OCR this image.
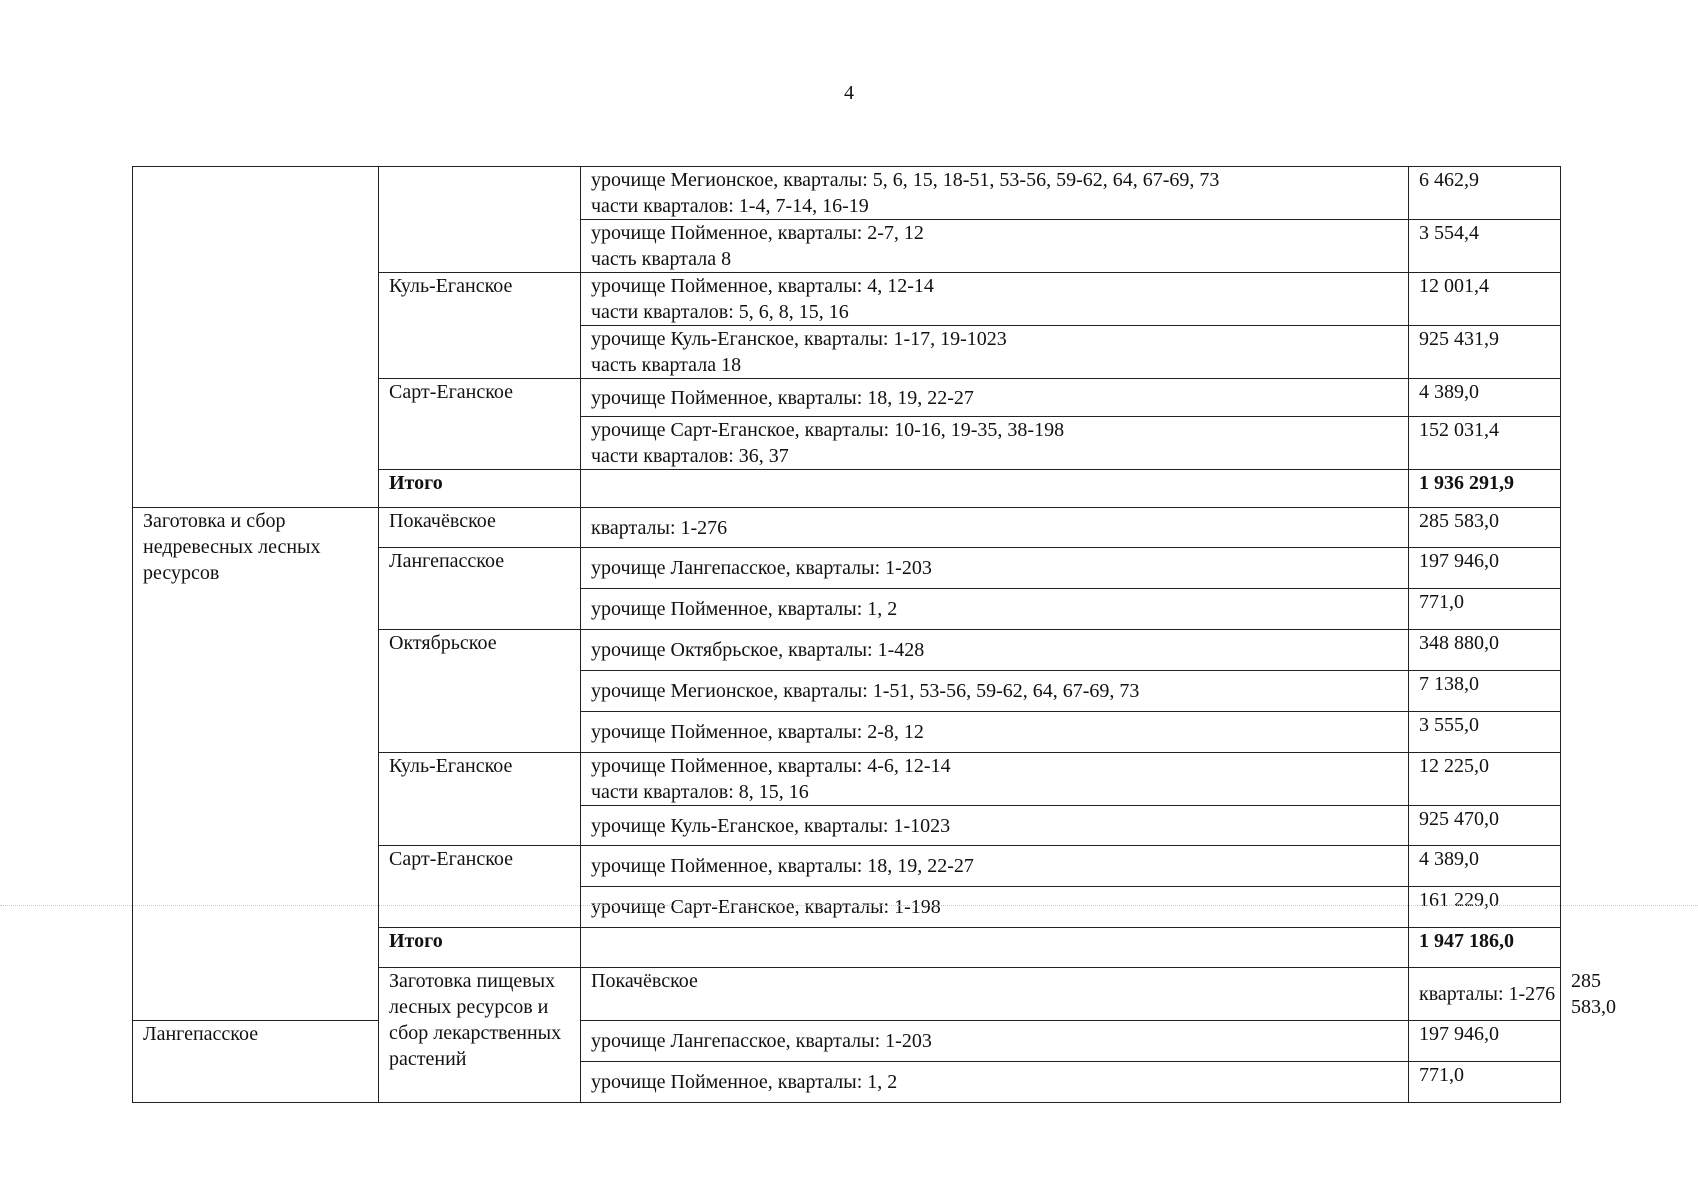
4

		урочище Мегионское, кварталы: 5, 6, 15, 18-51, 53-56, 59-62, 64, 67-69, 73
части кварталов: 1-4, 7-14, 16-19	6 462,9	

		урочище Пойменное, кварталы: 2-7, 12
часть квартала 8	3 554,4	
	Куль-Еганское	урочище Пойменное, кварталы: 4, 12-14
части кварталов: 5, 6, 8, 15, 16	12 001,4	

		урочище Куль-Еганское, кварталы: 1-17, 19-1023
часть квартала 18	925 431,9	
	Сарт-Еганское	урочище Пойменное, кварталы: 18, 19, 22-27	4 389,0	

		урочище Сарт-Еганское, кварталы: 10-16, 19-35, 38-198
части кварталов: 36, 37	152 031,4	
	Итого		1 936 291,9	
Заготовка и сбор недревесных лесных ресурсов	Покачёвское	кварталы: 1-276	285 583,0	
	Лангепасское	урочище Лангепасское, кварталы: 1-203	197 946,0	

		урочище Пойменное, кварталы: 1, 2	771,0	
	Октябрьское	урочище Октябрьское, кварталы: 1-428	348 880,0	

		урочище Мегионское, кварталы: 1-51, 53-56, 59-62, 64, 67-69, 73	7 138,0	

		урочище Пойменное, кварталы: 2-8, 12	3 555,0	
	Куль-Еганское	урочище Пойменное, кварталы: 4-6, 12-14
части кварталов: 8, 15, 16	12 225,0	

		урочище Куль-Еганское, кварталы: 1-1023	925 470,0	
	Сарт-Еганское	урочище Пойменное, кварталы: 18, 19, 22-27	4 389,0	

		урочище Сарт-Еганское, кварталы: 1-198	161 229,0	
	Итого		1 947 186,0	
	Заготовка пищевых лесных ресурсов и сбор лекарственных растений	Покачёвское	кварталы: 1-276	285 583,0
Лангепасское		урочище Лангепасское, кварталы: 1-203	197 946,0	

		урочище Пойменное, кварталы: 1, 2	771,0	
